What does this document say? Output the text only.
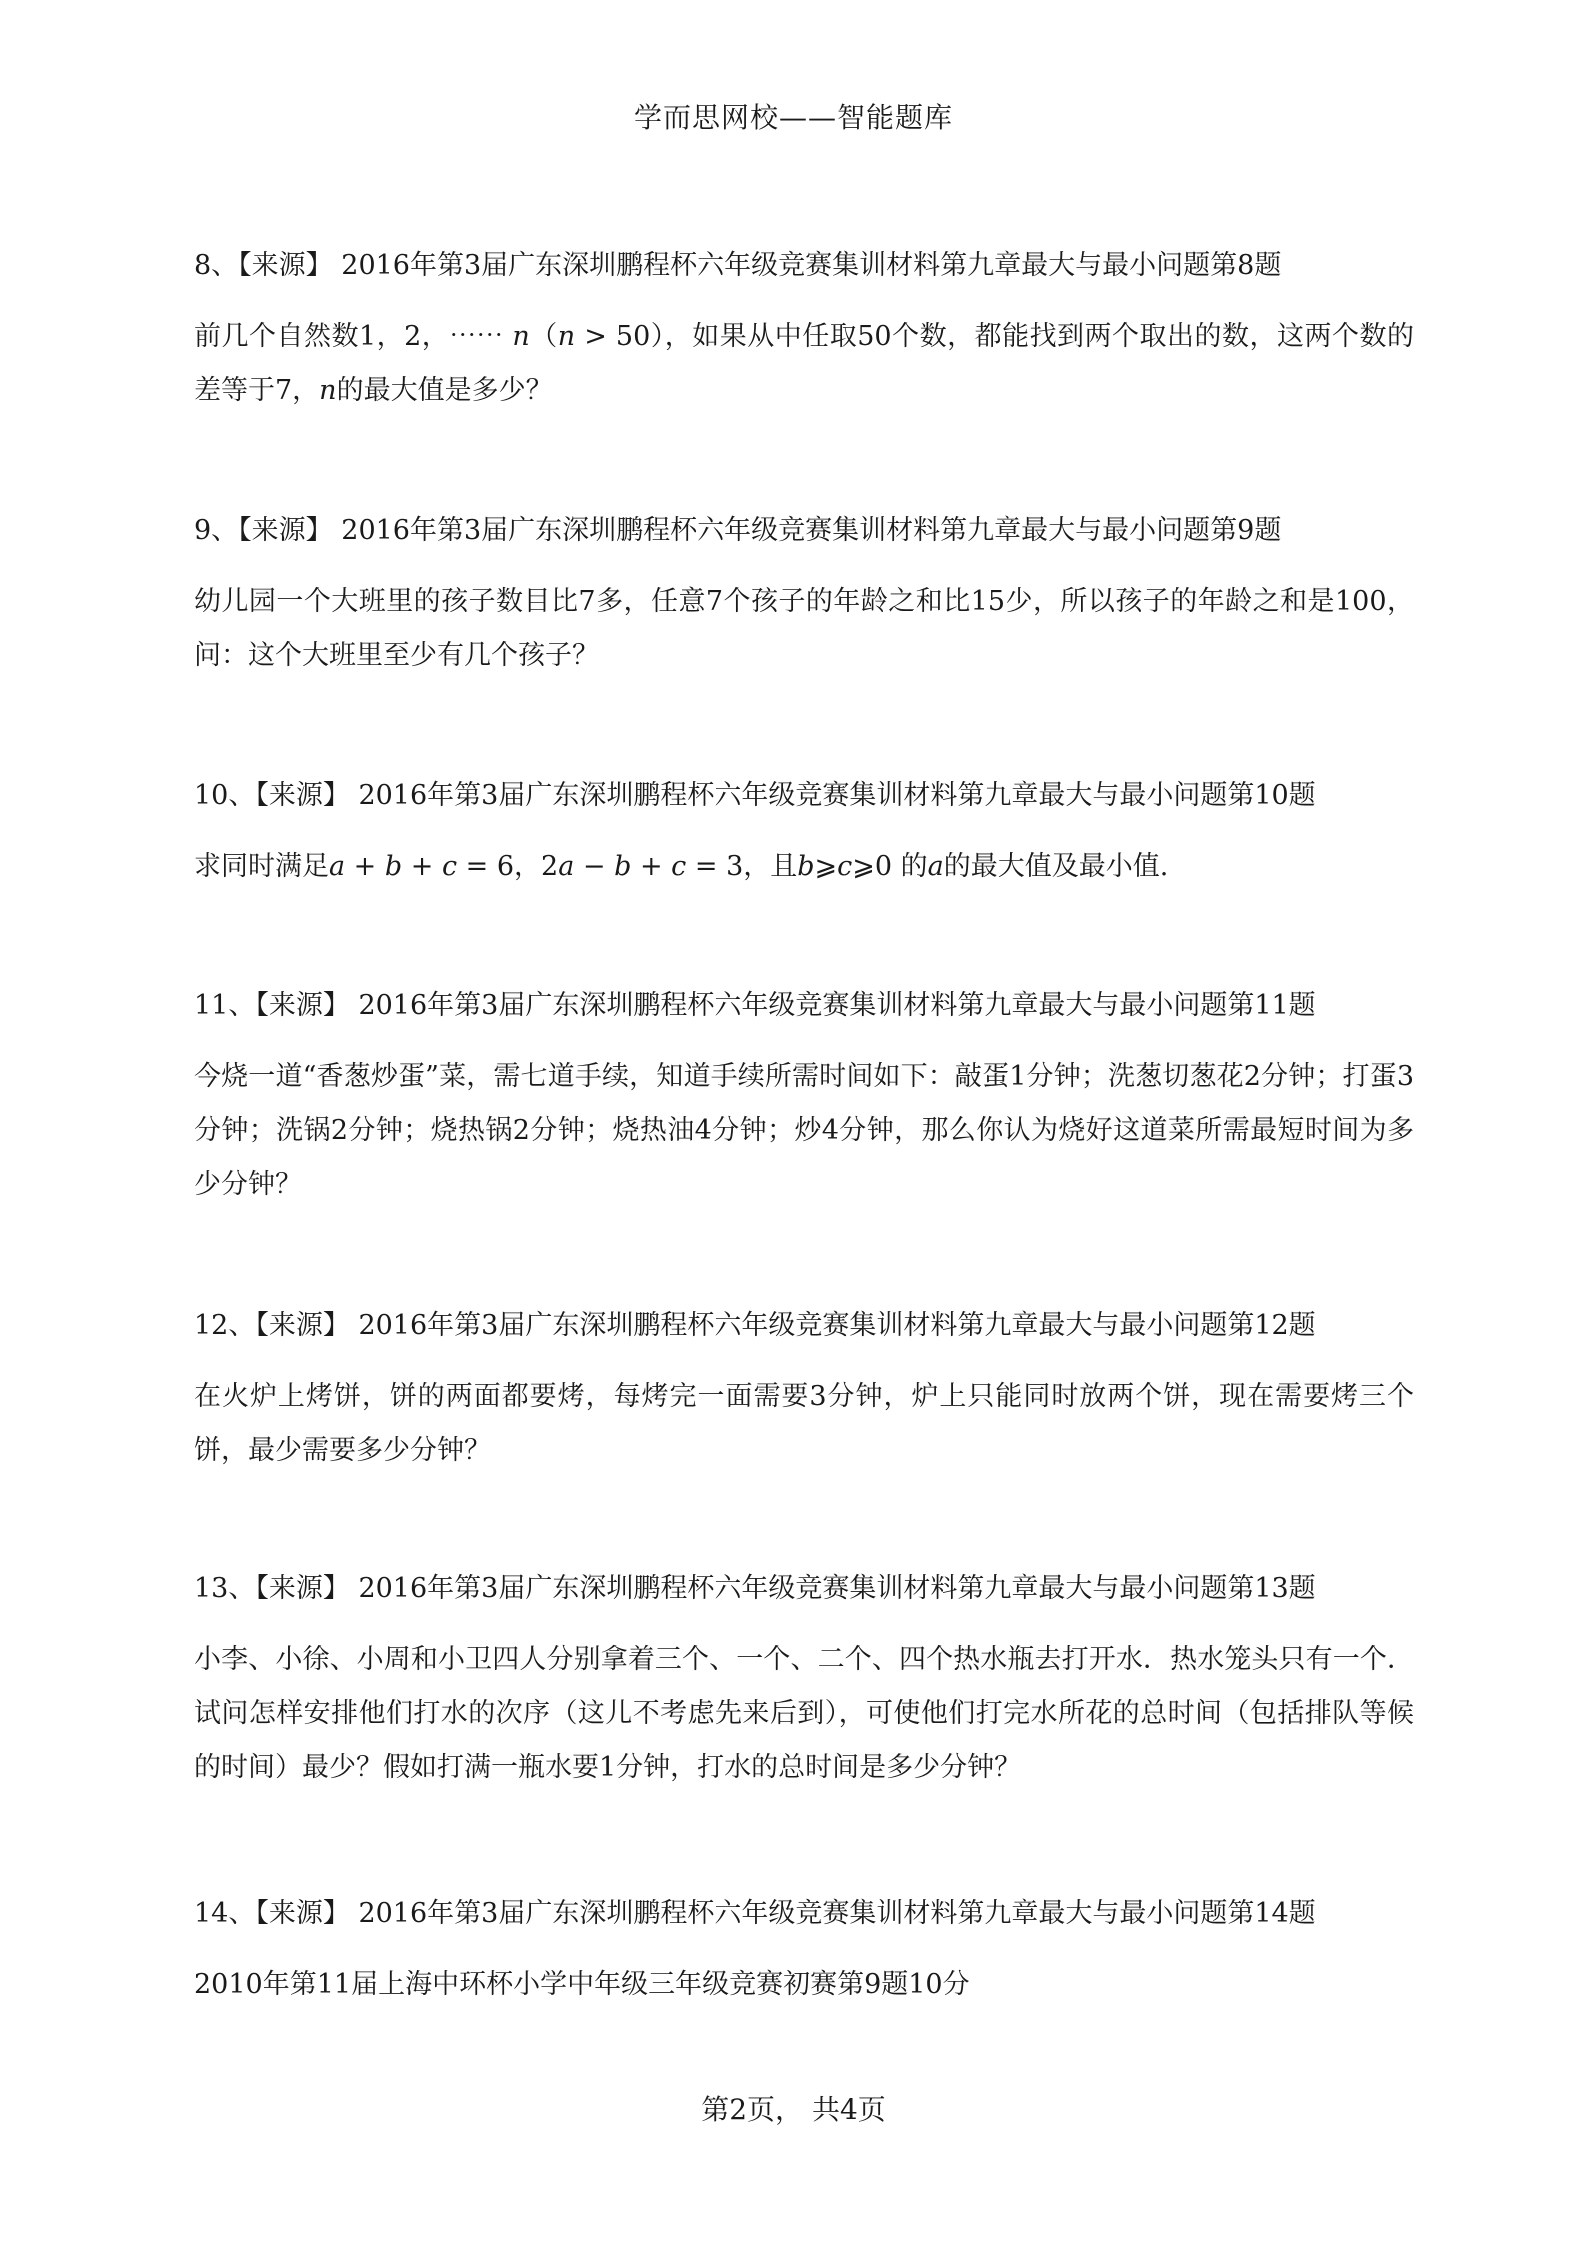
学而思网校——智能题库

8、【来源】 2016年第3届广东深圳鹏程杯六年级竞赛集训材料第九章最大与最小问题第8题

前几个自然数1，2，⋯⋯ 𝑛（𝑛 > 50），如果从中任取50个数，都能找到两个取出的数，这两个数的差等于7，𝑛的最大值是多少？

9、【来源】 2016年第3届广东深圳鹏程杯六年级竞赛集训材料第九章最大与最小问题第9题

幼儿园一个大班里的孩子数目比7多，任意7个孩子的年龄之和比15少，所以孩子的年龄之和是100，问：这个大班里至少有几个孩子？

10、【来源】 2016年第3届广东深圳鹏程杯六年级竞赛集训材料第九章最大与最小问题第10题

求同时满足𝑎 + 𝑏 + 𝑐 = 6，2𝑎 − 𝑏 + 𝑐 = 3，且𝑏⩾𝑐⩾0 的𝑎的最大值及最小值.

11、【来源】 2016年第3届广东深圳鹏程杯六年级竞赛集训材料第九章最大与最小问题第11题

今烧一道“香葱炒蛋”菜，需七道手续，知道手续所需时间如下：敲蛋1分钟；洗葱切葱花2分钟；打蛋3分钟；洗锅2分钟；烧热锅2分钟；烧热油4分钟；炒4分钟，那么你认为烧好这道菜所需最短时间为多少分钟？

12、【来源】 2016年第3届广东深圳鹏程杯六年级竞赛集训材料第九章最大与最小问题第12题

在火炉上烤饼，饼的两面都要烤，每烤完一面需要3分钟，炉上只能同时放两个饼，现在需要烤三个饼，最少需要多少分钟？

13、【来源】 2016年第3届广东深圳鹏程杯六年级竞赛集训材料第九章最大与最小问题第13题

小李、小徐、小周和小卫四人分别拿着三个、一个、二个、四个热水瓶去打开水．热水笼头只有一个．试问怎样安排他们打水的次序（这儿不考虑先来后到），可使他们打完水所花的总时间（包括排队等候的时间）最少？假如打满一瓶水要1分钟，打水的总时间是多少分钟？

14、【来源】 2016年第3届广东深圳鹏程杯六年级竞赛集训材料第九章最大与最小问题第14题

2010年第11届上海中环杯小学中年级三年级竞赛初赛第9题10分

第2页， 共4页
